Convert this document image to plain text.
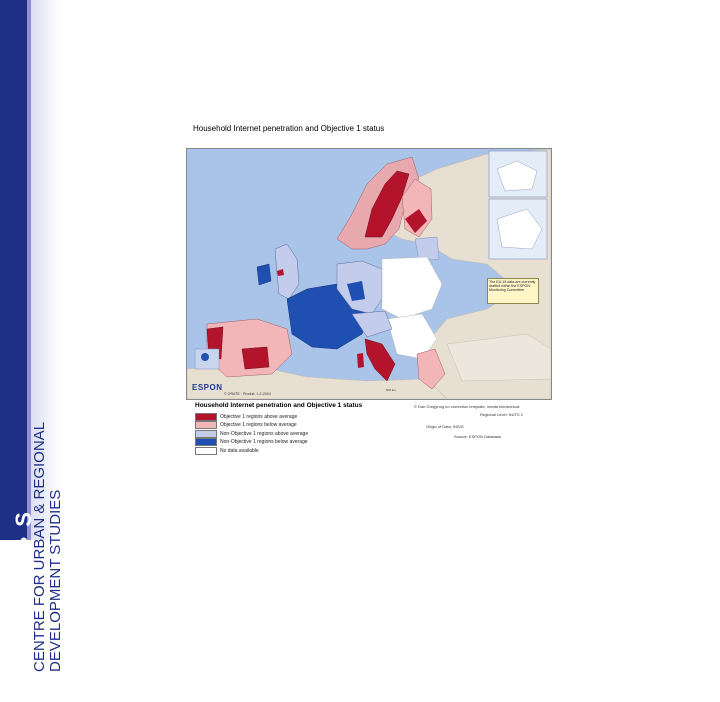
C • U • R • D • S
CENTRE FOR URBAN & REGIONAL DEVELOPMENT STUDIES
Household Internet penetration and Objective 1 status
The EU-15 data are currently drafted within the ESPON Monitoring Committee
ESPON
© ORATE · Produit: 1-2-2004
500 km
© Dan Gregynog no correction template, media hierarchical
Regional Level: NUTS 2
Origin of Data: INS/G
Source: ESPON Database
Household Internet penetration and Objective 1 status
Objective 1 regions above average
Objective 1 regions below average
Non-Objective 1 regions above average
Non-Objective 1 regions below average
No data available
